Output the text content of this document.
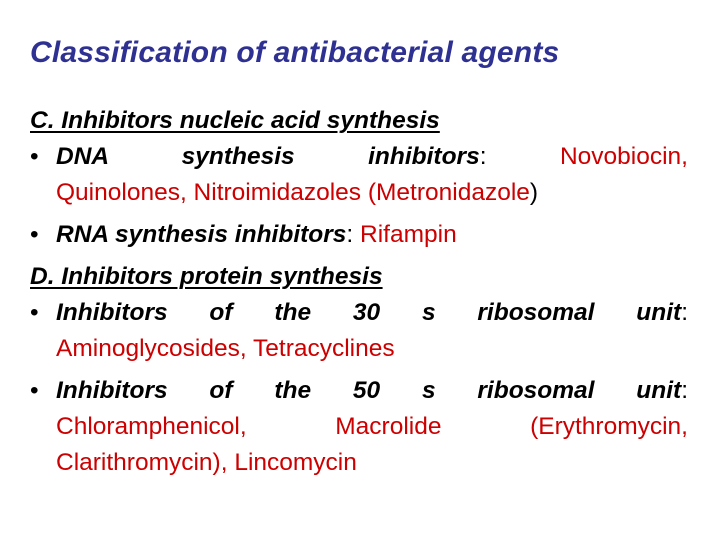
Classification of antibacterial agents
C. Inhibitors nucleic acid synthesis
• DNA synthesis inhibitors:	Novobiocin,
Quinolones, Nitroimidazoles (Metronidazole)
• RNA synthesis inhibitors: Rifampin
D. Inhibitors protein synthesis
• Inhibitors of the 30 s ribosomal unit:
Aminoglycosides, Tetracyclines
• Inhibitors of the 50 s ribosomal unit:
Chloramphenicol, Macrolide (Erythromycin,
Clarithromycin), Lincomycin
